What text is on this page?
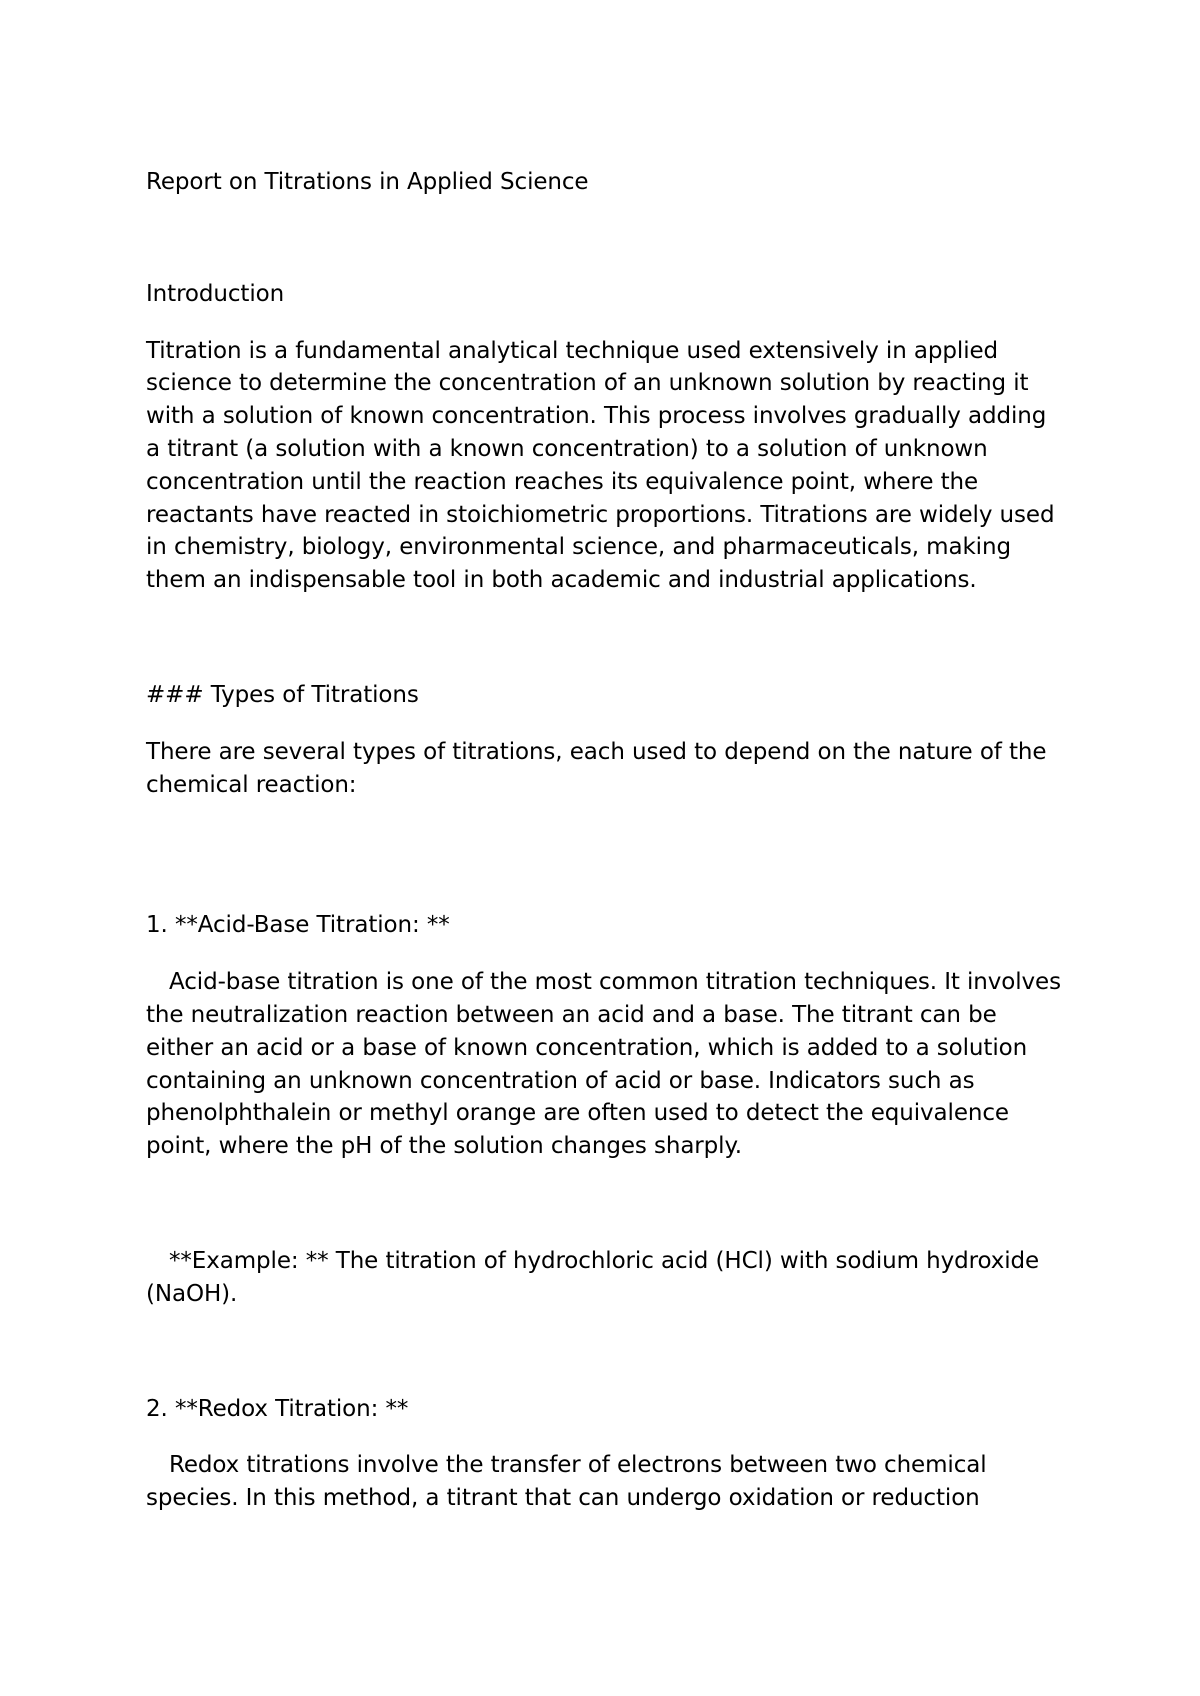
Report on Titrations in Applied Science

Introduction

Titration is a fundamental analytical technique used extensively in applied science to determine the concentration of an unknown solution by reacting it with a solution of known concentration. This process involves gradually adding a titrant (a solution with a known concentration) to a solution of unknown concentration until the reaction reaches its equivalence point, where the reactants have reacted in stoichiometric proportions. Titrations are widely used in chemistry, biology, environmental science, and pharmaceuticals, making them an indispensable tool in both academic and industrial applications.

### Types of Titrations

There are several types of titrations, each used to depend on the nature of the chemical reaction:

1. **Acid-Base Titration: **

Acid-base titration is one of the most common titration techniques. It involves the neutralization reaction between an acid and a base. The titrant can be either an acid or a base of known concentration, which is added to a solution containing an unknown concentration of acid or base. Indicators such as phenolphthalein or methyl orange are often used to detect the equivalence point, where the pH of the solution changes sharply.

**Example: ** The titration of hydrochloric acid (HCl) with sodium hydroxide (NaOH).

2. **Redox Titration: **

Redox titrations involve the transfer of electrons between two chemical species. In this method, a titrant that can undergo oxidation or reduction
